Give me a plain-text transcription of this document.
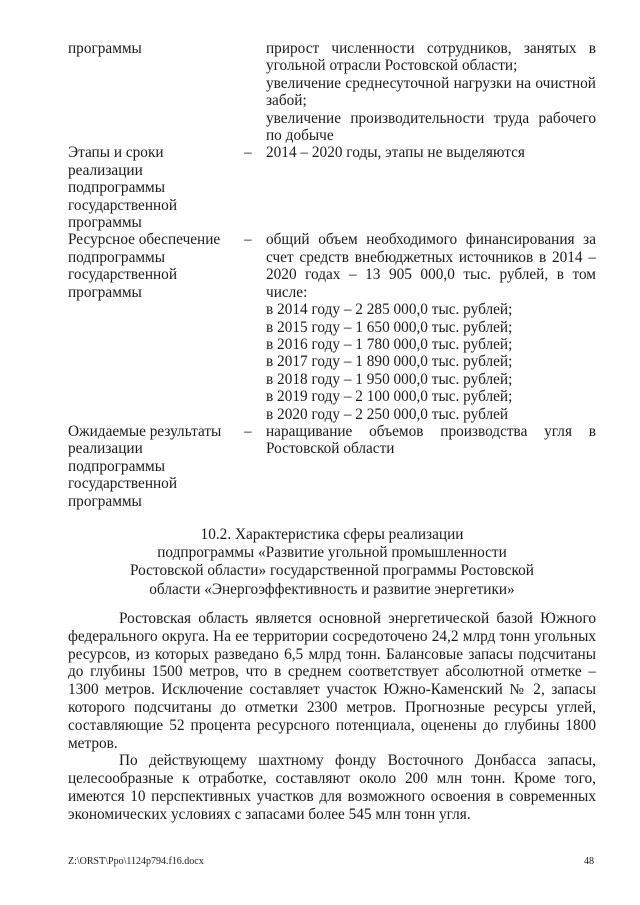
программы	прирост численности сотрудников, занятых в угольной отрасли Ростовской области;
увеличение среднесуточной нагрузки на очистной забой;
увеличение производительности труда рабочего по добыче
Этапы и сроки
реализации
подпрограммы
государственной
программы
– 2014 – 2020 годы, этапы не выделяются
Ресурсное обеспечение
подпрограммы
государственной
программы
– общий объем необходимого финансирования за счет средств внебюджетных источников в 2014 – 2020 годах – 13 905 000,0 тыс. рублей, в том числе:
в 2014 году – 2 285 000,0 тыс. рублей;
в 2015 году – 1 650 000,0 тыс. рублей;
в 2016 году – 1 780 000,0 тыс. рублей;
в 2017 году – 1 890 000,0 тыс. рублей;
в 2018 году – 1 950 000,0 тыс. рублей;
в 2019 году – 2 100 000,0 тыс. рублей;
в 2020 году – 2 250 000,0 тыс. рублей
Ожидаемые результаты
реализации
подпрограммы
государственной
программы
– наращивание объемов производства угля в Ростовской области
10.2. Характеристика сферы реализации
подпрограммы «Развитие угольной промышленности
Ростовской области» государственной программы Ростовской
области «Энергоэффективность и развитие энергетики»

Ростовская область является основной энергетической базой Южного федерального округа. На ее территории сосредоточено 24,2 млрд тонн угольных ресурсов, из которых разведано 6,5 млрд тонн. Балансовые запасы подсчитаны до глубины 1500 метров, что в среднем соответствует абсолютной отметке – 1300 метров. Исключение составляет участок Южно-Каменский № 2, запасы которого подсчитаны до отметки 2300 метров. Прогнозные ресурсы углей, составляющие 52 процента ресурсного потенциала, оценены до глубины 1800 метров.

По действующему шахтному фонду Восточного Донбасса запасы, целесообразные к отработке, составляют около 200 млн тонн. Кроме того, имеются 10 перспективных участков для возможного освоения в современных экономических условиях с запасами более 545 млн тонн угля.

Z:\ORST\Ppo\1124p794.f16.docx	48
